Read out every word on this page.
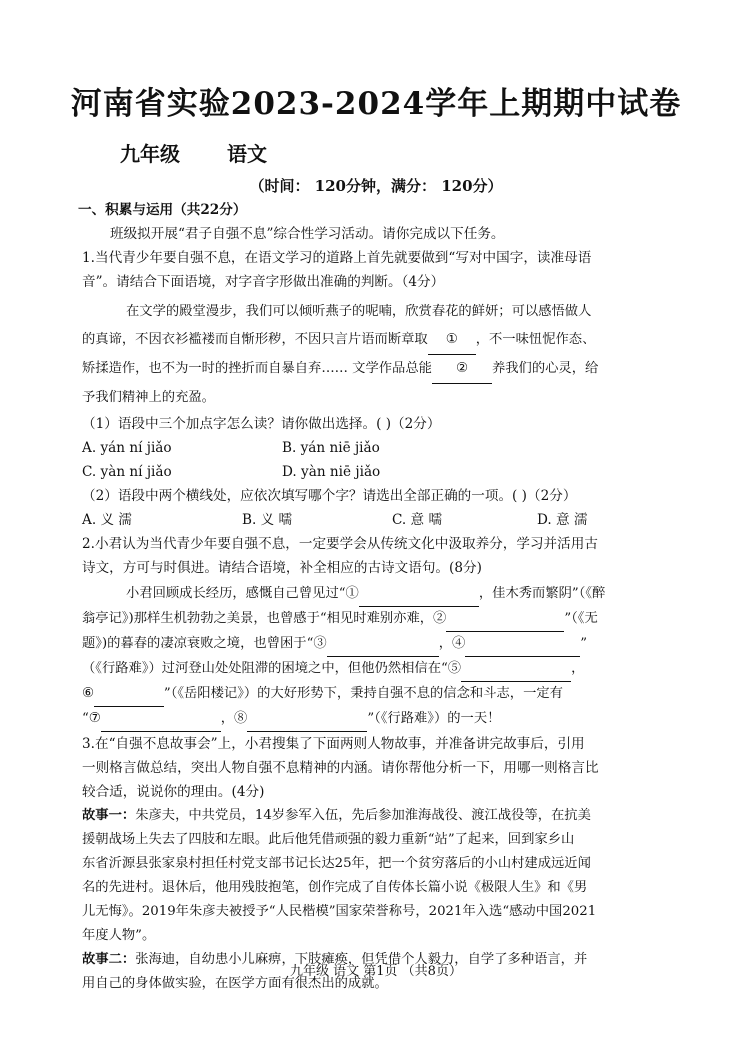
河南省实验2023-2024学年上期期中试卷
九年级 语文
（时间： 120分钟，满分： 120分）
一、积累与运用（共22分）
班级拟开展“君子自强不息”综合性学习活动。请你完成以下任务。
1.当代青少年要自强不息，在语文学习的道路上首先就要做到“写对中国字，读准母语
音”。请结合下面语境，对字音字形做出准确的判断。（4分）
在文学的殿堂漫步，我们可以倾听燕子的呢喃，欣赏春花的鲜妍；可以感悟做人
的真谛，不因衣衫褴褛而自惭形秽，不因只言片语而断章取 ① ，不一味忸怩作态、
矫揉造作，也不为一时的挫折而自暴自弃…… 文学作品总能 ② 养我们的心灵，给
予我们精神上的充盈。
（1）语段中三个加点字怎么读？请你做出选择。( )（2分）
A. yán ní jiǎo	B. yán niē jiǎo
C. yàn ní jiǎo	D. yàn niē jiǎo
（2）语段中两个横线处，应依次填写哪个字？请选出全部正确的一项。( )（2分）
A. 义 濡	B. 义 嚅	C. 意 嚅	D. 意 濡
2.小君认为当代青少年要自强不息，一定要学会从传统文化中汲取养分，学习并活用古
诗文，方可与时俱进。请结合语境，补全相应的古诗文语句。(8分)
小君回顾成长经历，感慨自己曾见过“①	，佳木秀而繁阴”（《醉
翁亭记》)那样生机勃勃之美景，也曾感于“相见时难别亦难，②	”（《无
题》)的暮春的凄凉衰败之境，也曾困于“③	，④	”
（《行路难》）过河登山处处阻滞的困境之中，但他仍然相信在“⑤	，
⑥	”（《岳阳楼记》）的大好形势下，秉持自强不息的信念和斗志，一定有
“⑦	，⑧	”（《行路难》）的一天！
3.在“自强不息故事会”上，小君搜集了下面两则人物故事，并准备讲完故事后，引用
一则格言做总结，突出人物自强不息精神的内涵。请你帮他分析一下，用哪一则格言比
较合适，说说你的理由。(4分)
故事一：朱彦夫，中共党员，14岁参军入伍，先后参加淮海战役、渡江战役等，在抗美
援朝战场上失去了四肢和左眼。此后他凭借顽强的毅力重新“站”了起来，回到家乡山
东省沂源县张家泉村担任村党支部书记长达25年，把一个贫穷落后的小山村建成远近闻
名的先进村。退休后，他用残肢抱笔，创作完成了自传体长篇小说《极限人生》和《男
儿无悔》。2019年朱彦夫被授予“人民楷模”国家荣誉称号，2021年入选“感动中国2021
年度人物”。
故事二：张海迪，自幼患小儿麻痹，下肢瘫痪，但凭借个人毅力，自学了多种语言，并
用自己的身体做实验，在医学方面有很杰出的成就。
九年级 语文 第1页 （共8页）
